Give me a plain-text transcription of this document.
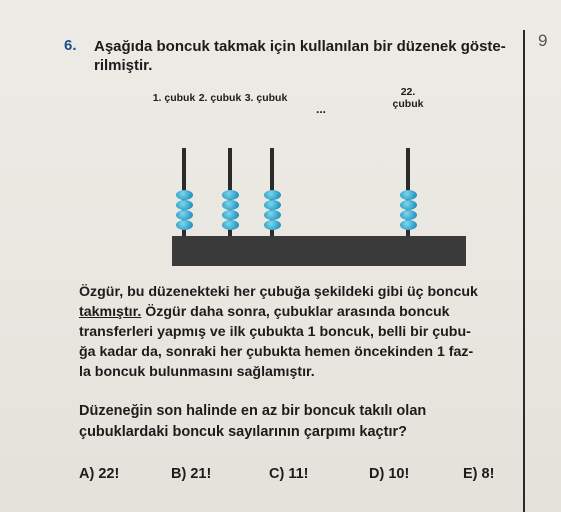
9
6. Aşağıda boncuk takmak için kullanılan bir düzenek göste-rilmiştir.
1. çubuk 2. çubuk 3. çubuk
...
22. çubuk
Özgür, bu düzenekteki her çubuğa şekildeki gibi üç boncuk
takmıştır. Özgür daha sonra, çubuklar arasında boncuk
transferleri yapmış ve ilk çubukta 1 boncuk, belli bir çubu-
ğa kadar da, sonraki her çubukta hemen öncekinden 1 faz-
la boncuk bulunmasını sağlamıştır.
Düzeneğin son halinde en az bir boncuk takılı olan
çubuklardaki boncuk sayılarının çarpımı kaçtır?
A) 22!	B) 21!	C) 11!	D) 10!	E) 8!
